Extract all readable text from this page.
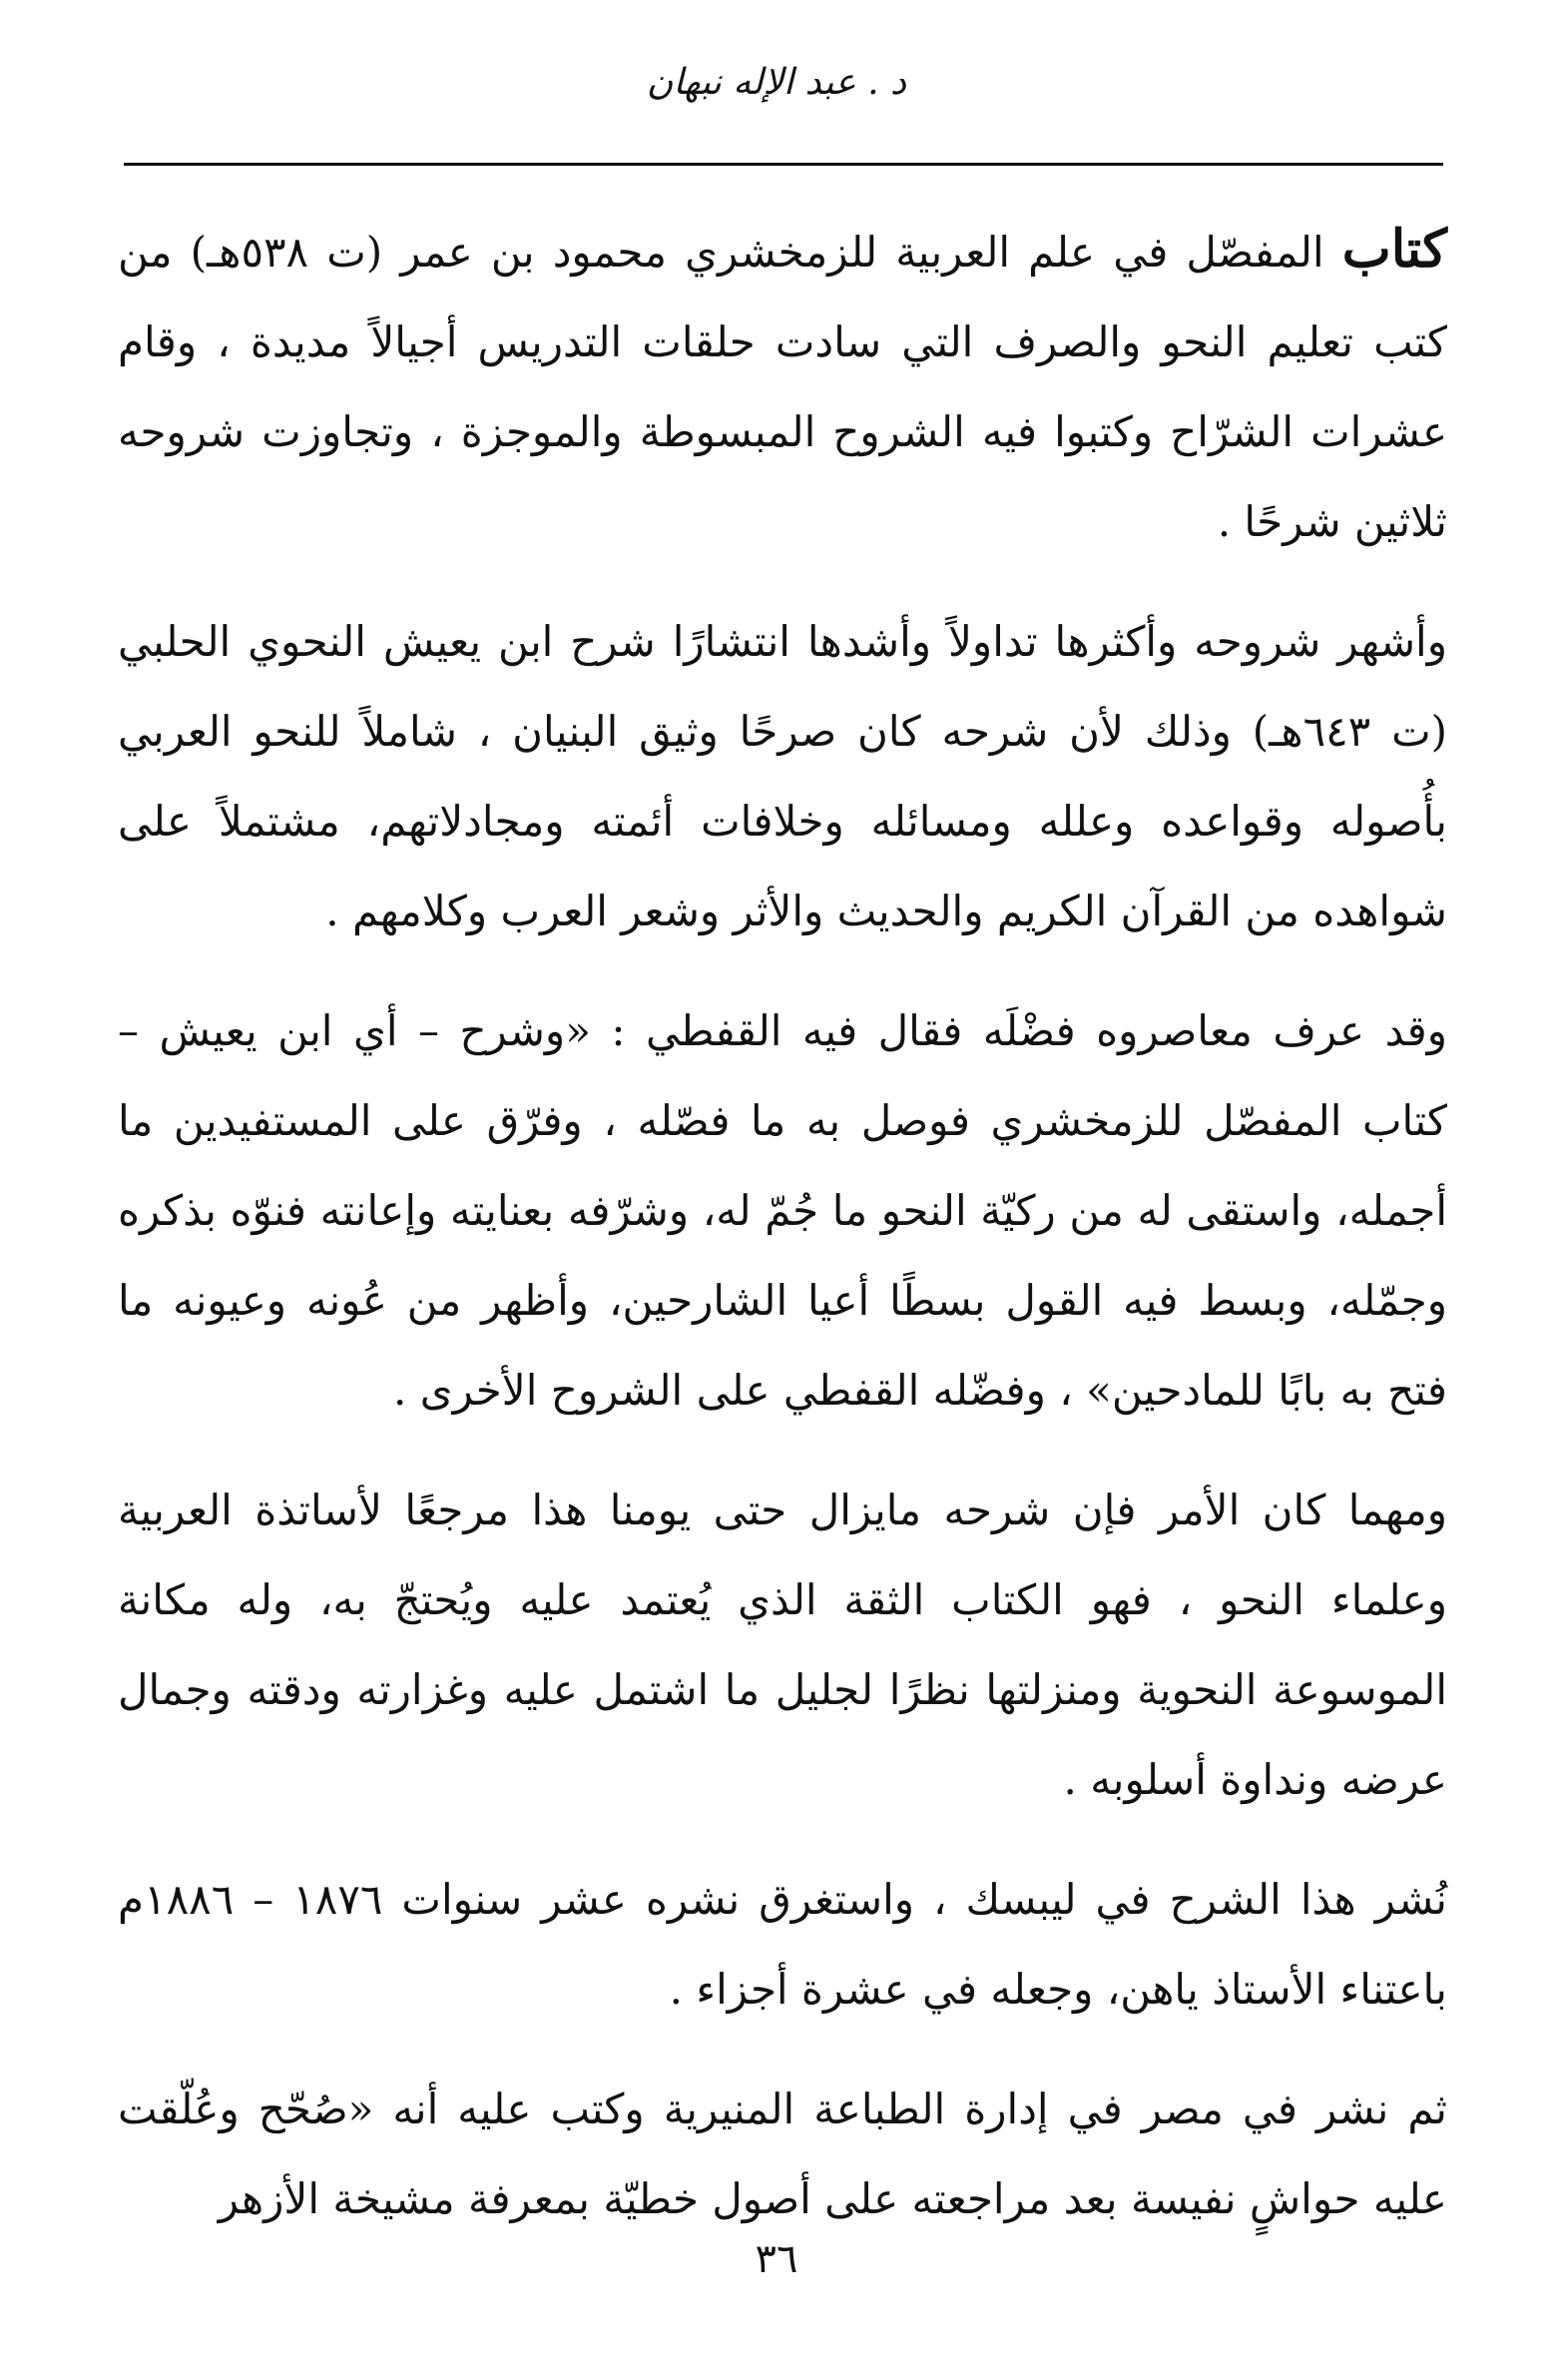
د . عبد الإله نبهان

كتاب المفصّل في علم العربية للزمخشري محمود بن عمر (ت ٥٣٨هـ) من كتب تعليم النحو والصرف التي سادت حلقات التدريس أجيالاً مديدة ، وقام عشرات الشرّاح وكتبوا فيه الشروح المبسوطة والموجزة ، وتجاوزت شروحه ثلاثين شرحًا .

وأشهر شروحه وأكثرها تداولاً وأشدها انتشارًا شرح ابن يعيش النحوي الحلبي (ت ٦٤٣هـ) وذلك لأن شرحه كان صرحًا وثيق البنيان ، شاملاً للنحو العربي بأُصوله وقواعده وعلله ومسائله وخلافات أئمته ومجادلاتهم، مشتملاً على شواهده من القرآن الكريم والحديث والأثر وشعر العرب وكلامهم .

وقد عرف معاصروه فضْلَه فقال فيه القفطي : «وشرح – أي ابن يعيش – كتاب المفصّل للزمخشري فوصل به ما فصّله ، وفرّق على المستفيدين ما أجمله، واستقى له من ركيّة النحو ما جُمّ له، وشرّفه بعنايته وإعانته فنوّه بذكره وجمّله، وبسط فيه القول بسطًا أعيا الشارحين، وأظهر من عُونه وعيونه ما فتح به بابًا للمادحين» ، وفضّله القفطي على الشروح الأخرى .

ومهما كان الأمر فإن شرحه مايزال حتى يومنا هذا مرجعًا لأساتذة العربية وعلماء النحو ، فهو الكتاب الثقة الذي يُعتمد عليه ويُحتجّ به، وله مكانة الموسوعة النحوية ومنزلتها نظرًا لجليل ما اشتمل عليه وغزارته ودقته وجمال عرضه ونداوة أسلوبه .

نُشر هذا الشرح في ليبسك ، واستغرق نشره عشر سنوات ١٨٧٦ – ١٨٨٦م باعتناء الأستاذ ياهن، وجعله في عشرة أجزاء .

ثم نشر في مصر في إدارة الطباعة المنيرية وكتب عليه أنه «صُحّح وعُلّقت عليه حواشٍ نفيسة بعد مراجعته على أصول خطيّة بمعرفة مشيخة الأزهر

٣٦
